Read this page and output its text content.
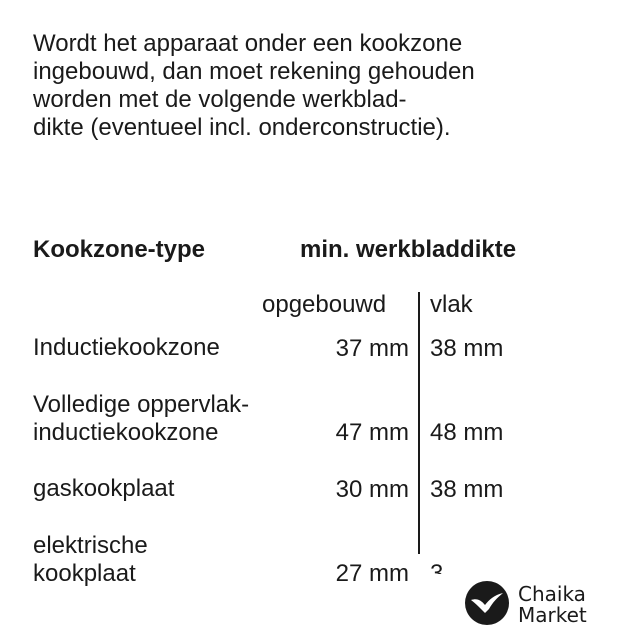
Wordt het apparaat onder een kookzone
ingebouwd, dan moet rekening gehouden
worden met de volgende werkblad-
dikte (eventueel incl. onderconstructie).
Kookzone-type	min. werkbladdikte
opgebouwd vlak
Inductiekookzone	37 mm 38 mm
Volledige oppervlak-
inductiekookzone	47 mm 48 mm
gaskookplaat	30 mm 38 mm
elektrische
kookplaat	27 mm
Chaika
Market
